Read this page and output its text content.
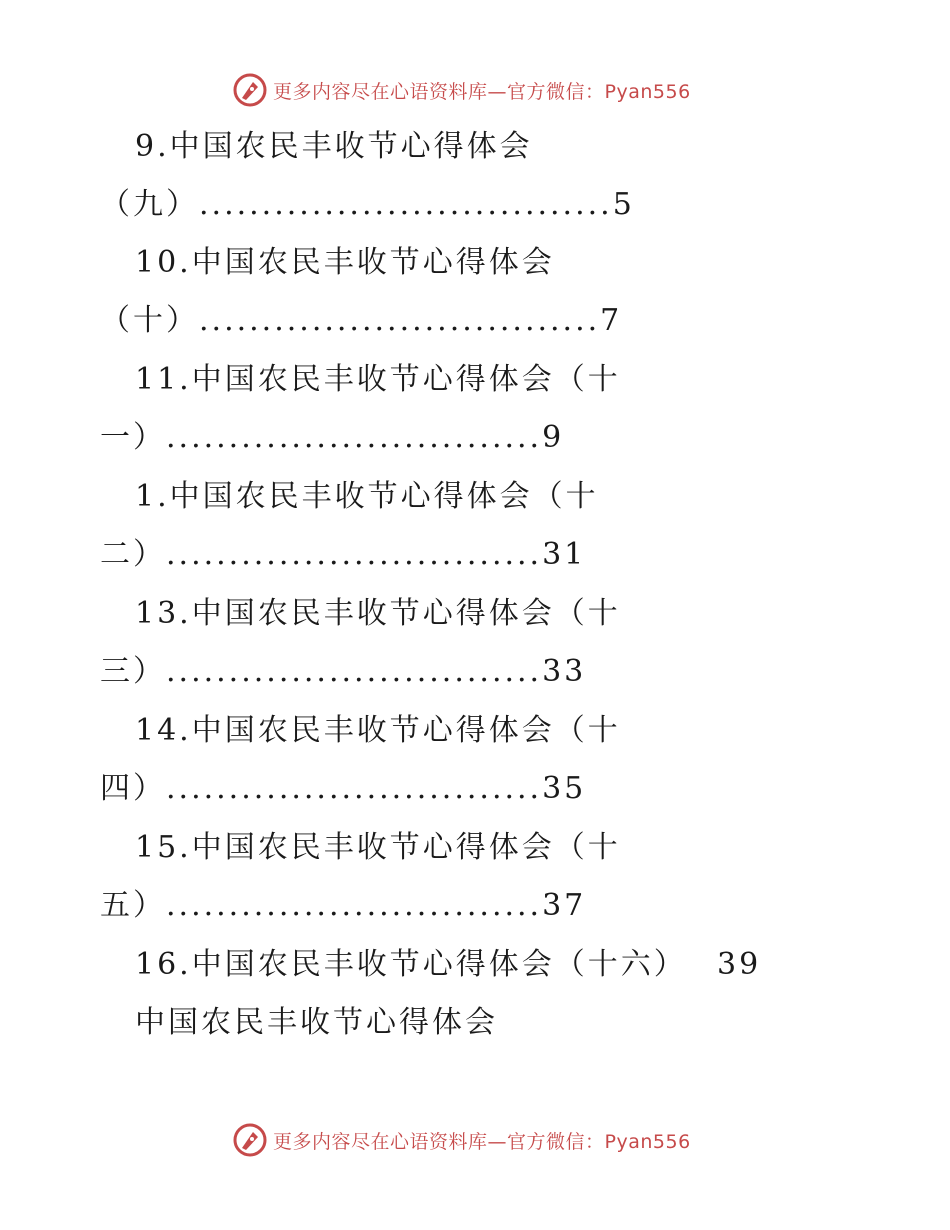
更多内容尽在心语资料库—官方微信：Pyan556
9.中国农民丰收节心得体会
（九）.................................5
10.中国农民丰收节心得体会
（十）................................7
11.中国农民丰收节心得体会（十
一）..............................9
1.中国农民丰收节心得体会（十
二）..............................31
13.中国农民丰收节心得体会（十
三）..............................33
14.中国农民丰收节心得体会（十
四）..............................35
15.中国农民丰收节心得体会（十
五）..............................37
16.中国农民丰收节心得体会（十六） 39
中国农民丰收节心得体会
更多内容尽在心语资料库—官方微信：Pyan556
